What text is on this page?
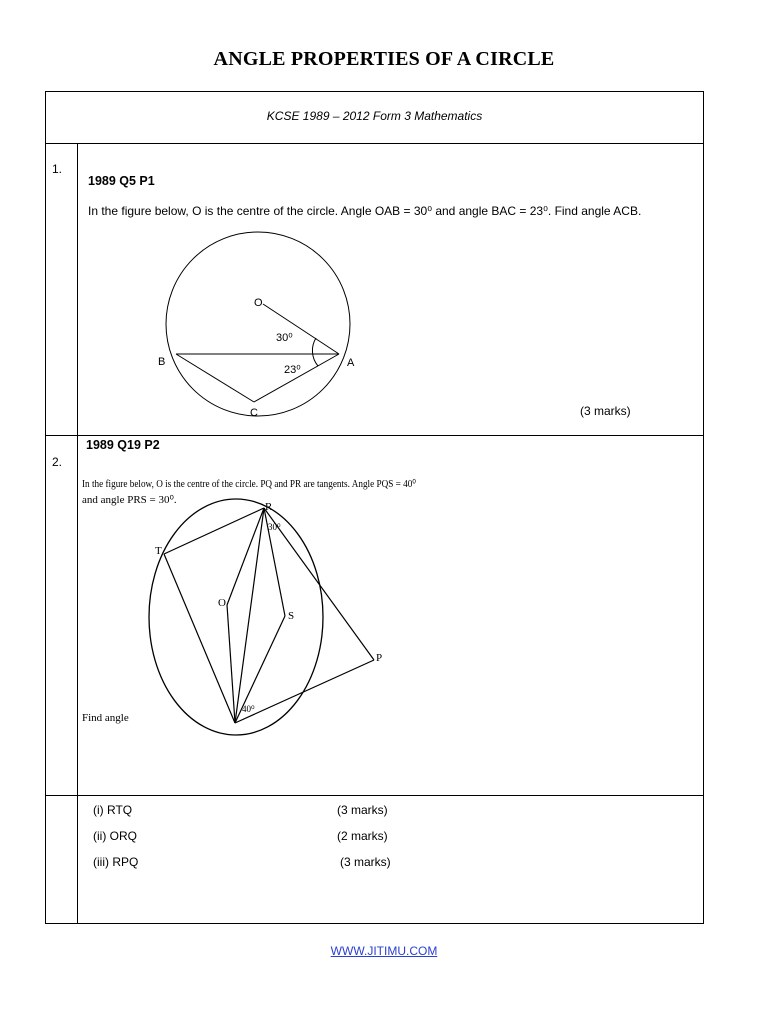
ANGLE PROPERTIES OF A CIRCLE
KCSE 1989 – 2012 Form 3 Mathematics
1.
1989 Q5 P1
In the figure below, O is the centre of the circle. Angle OAB = 30⁰ and angle BAC = 23⁰. Find angle ACB.
O
B	A
C
30⁰
23⁰
(3 marks)
1989 Q19 P2
2.
In the figure below, O is the centre of the circle. PQ and PR are tangents. Angle PQS = 40⁰
and angle PRS = 30⁰.
R
T
O
S
P
30⁰
40⁰
Find angle
(i) RTQ	(3 marks)
(ii) ORQ	(2 marks)
(iii) RPQ	(3 marks)
WWW.JITIMU.COM
